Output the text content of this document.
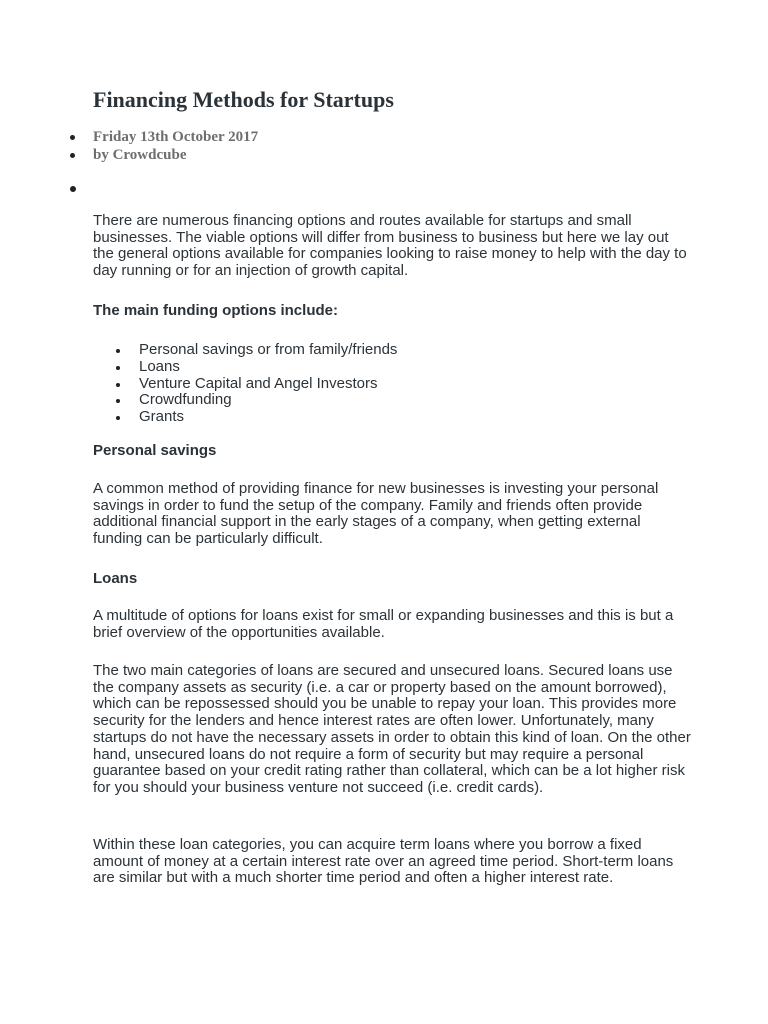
Financing Methods for Startups
Friday 13th October 2017
by Crowdcube

There are numerous financing options and routes available for startups and small businesses. The viable options will differ from business to business but here we lay out the general options available for companies looking to raise money to help with the day to day running or for an injection of growth capital.

The main funding options include:

Personal savings or from family/friends
Loans
Venture Capital and Angel Investors
Crowdfunding
Grants

Personal savings

A common method of providing finance for new businesses is investing your personal savings in order to fund the setup of the company. Family and friends often provide additional financial support in the early stages of a company, when getting external funding can be particularly difficult.

Loans

A multitude of options for loans exist for small or expanding businesses and this is but a brief overview of the opportunities available.

The two main categories of loans are secured and unsecured loans. Secured loans use the company assets as security (i.e. a car or property based on the amount borrowed), which can be repossessed should you be unable to repay your loan. This provides more security for the lenders and hence interest rates are often lower. Unfortunately, many startups do not have the necessary assets in order to obtain this kind of loan. On the other hand, unsecured loans do not require a form of security but may require a personal guarantee based on your credit rating rather than collateral, which can be a lot higher risk for you should your business venture not succeed (i.e. credit cards).

Within these loan categories, you can acquire term loans where you borrow a fixed amount of money at a certain interest rate over an agreed time period. Short-term loans are similar but with a much shorter time period and often a higher interest rate.
